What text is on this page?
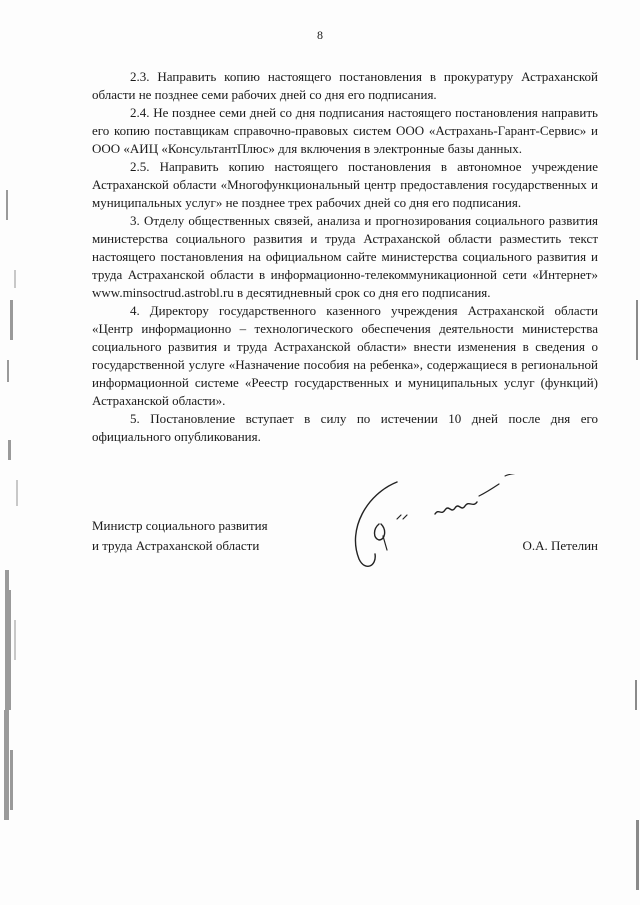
8

2.3. Направить копию настоящего постановления в прокуратуру Астраханской области не позднее семи рабочих дней со дня его подписания.

2.4. Не позднее семи дней со дня подписания настоящего постановления направить его копию поставщикам справочно-правовых систем ООО «Астрахань-Гарант-Сервис» и ООО «АИЦ «КонсультантПлюс» для включения в электронные базы данных.

2.5. Направить копию настоящего постановления в автономное учреждение Астраханской области «Многофункциональный центр предоставления государственных и муниципальных услуг» не позднее трех рабочих дней со дня его подписания.

3. Отделу общественных связей, анализа и прогнозирования социального развития министерства социального развития и труда Астраханской области разместить текст настоящего постановления на официальном сайте министерства социального развития и труда Астраханской области в информационно-телекоммуникационной сети «Интернет» www.minsoctrud.astrobl.ru в десятидневный срок со дня его подписания.

4. Директору государственного казенного учреждения Астраханской области «Центр информационно – технологического обеспечения деятельности министерства социального развития и труда Астраханской области» внести изменения в сведения о государственной услуге «Назначение пособия на ребенка», содержащиеся в региональной информационной системе «Реестр государственных и муниципальных услуг (функций) Астраханской области».

5. Постановление вступает в силу по истечении 10 дней после дня его официального опубликования.

Министр социального развития
и труда Астраханской области	О.А. Петелин
